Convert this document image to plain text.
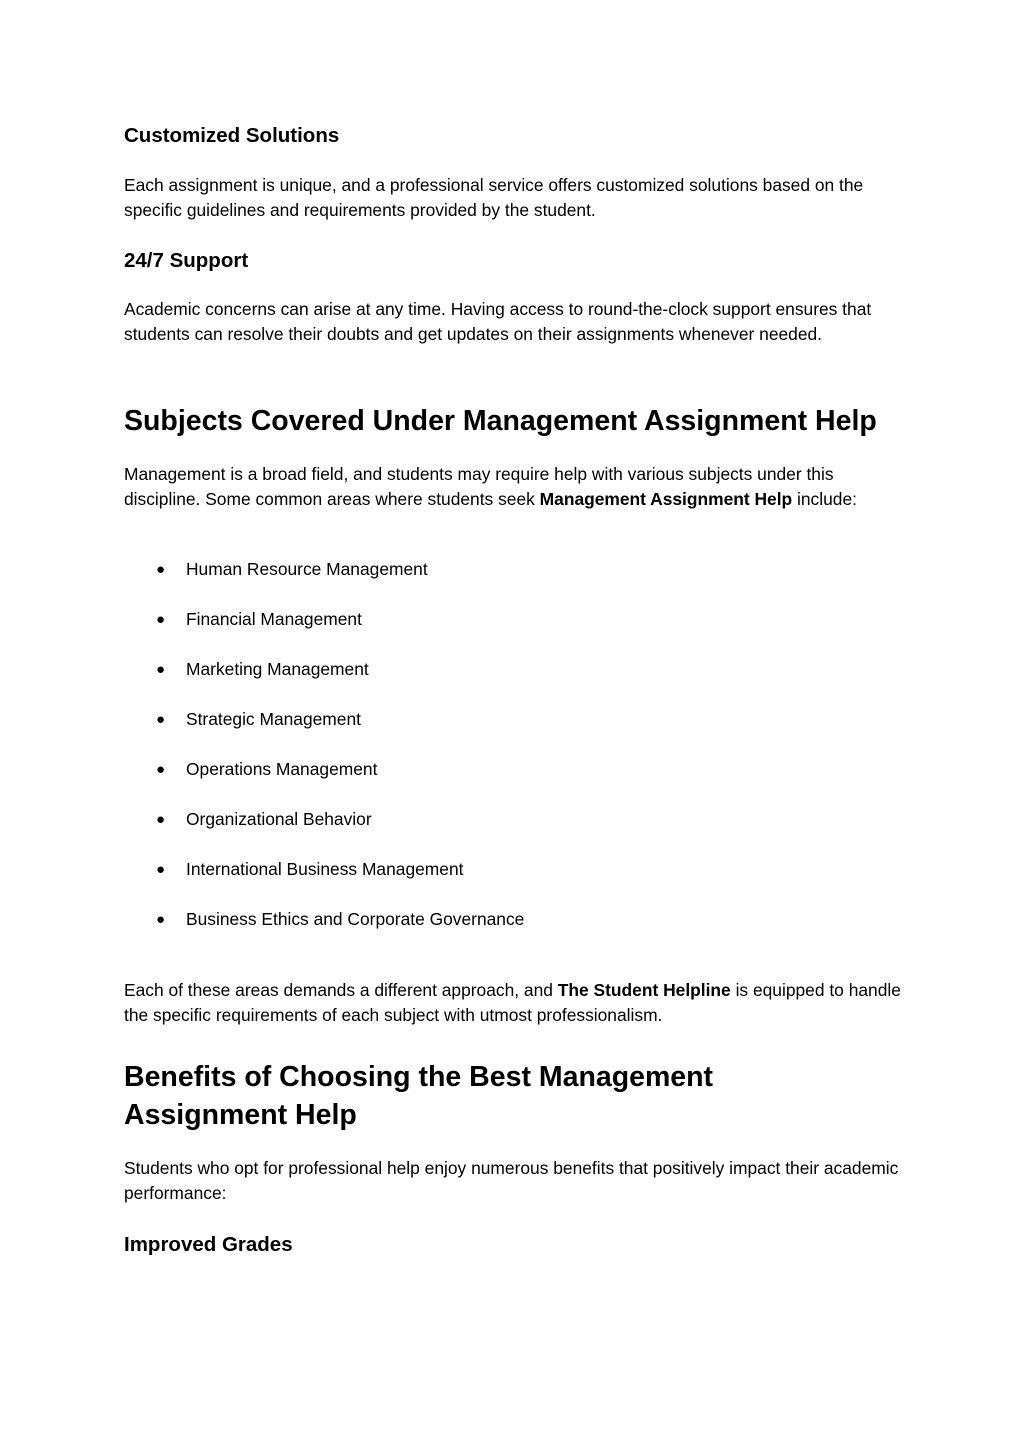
Customized Solutions

Each assignment is unique, and a professional service offers customized solutions based on the specific guidelines and requirements provided by the student.

24/7 Support

Academic concerns can arise at any time. Having access to round-the-clock support ensures that students can resolve their doubts and get updates on their assignments whenever needed.

Subjects Covered Under Management Assignment Help

Management is a broad field, and students may require help with various subjects under this discipline. Some common areas where students seek Management Assignment Help include:

● Human Resource Management
● Financial Management
● Marketing Management
● Strategic Management
● Operations Management
● Organizational Behavior
● International Business Management
● Business Ethics and Corporate Governance

Each of these areas demands a different approach, and The Student Helpline is equipped to handle the specific requirements of each subject with utmost professionalism.

Benefits of Choosing the Best Management
Assignment Help

Students who opt for professional help enjoy numerous benefits that positively impact their academic performance:

Improved Grades
